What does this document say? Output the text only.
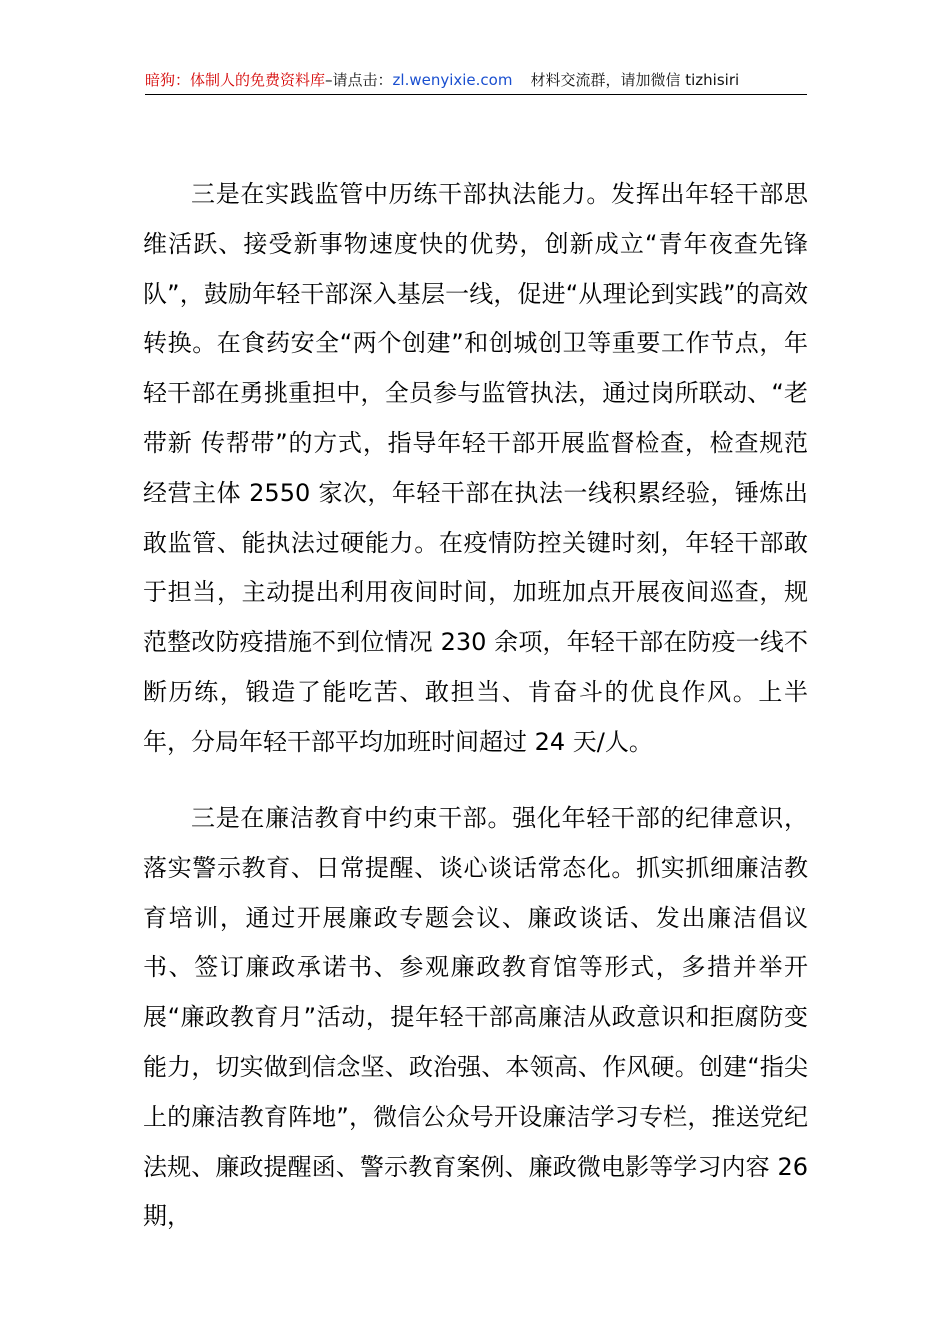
暗狗：体制人的免费资料库–请点击：zl.wenyixie.com 材料交流群，请加微信 tizhisiri

三是在实践监管中历练干部执法能力。发挥出年轻干部思维活跃、接受新事物速度快的优势，创新成立“青年夜查先锋队”，鼓励年轻干部深入基层一线，促进“从理论到实践”的高效转换。在食药安全“两个创建”和创城创卫等重要工作节点，年轻干部在勇挑重担中，全员参与监管执法，通过岗所联动、“老带新 传帮带”的方式，指导年轻干部开展监督检查，检查规范经营主体 2550 家次，年轻干部在执法一线积累经验，锤炼出敢监管、能执法过硬能力。在疫情防控关键时刻，年轻干部敢于担当，主动提出利用夜间时间，加班加点开展夜间巡查，规范整改防疫措施不到位情况 230 余项，年轻干部在防疫一线不断历练，锻造了能吃苦、敢担当、肯奋斗的优良作风。上半年，分局年轻干部平均加班时间超过 24 天/人。

三是在廉洁教育中约束干部。强化年轻干部的纪律意识，落实警示教育、日常提醒、谈心谈话常态化。抓实抓细廉洁教育培训，通过开展廉政专题会议、廉政谈话、发出廉洁倡议书、签订廉政承诺书、参观廉政教育馆等形式，多措并举开展“廉政教育月”活动，提年轻干部高廉洁从政意识和拒腐防变能力，切实做到信念坚、政治强、本领高、作风硬。创建“指尖上的廉洁教育阵地”，微信公众号开设廉洁学习专栏，推送党纪法规、廉政提醒函、警示教育案例、廉政微电影等学习内容 26 期，
